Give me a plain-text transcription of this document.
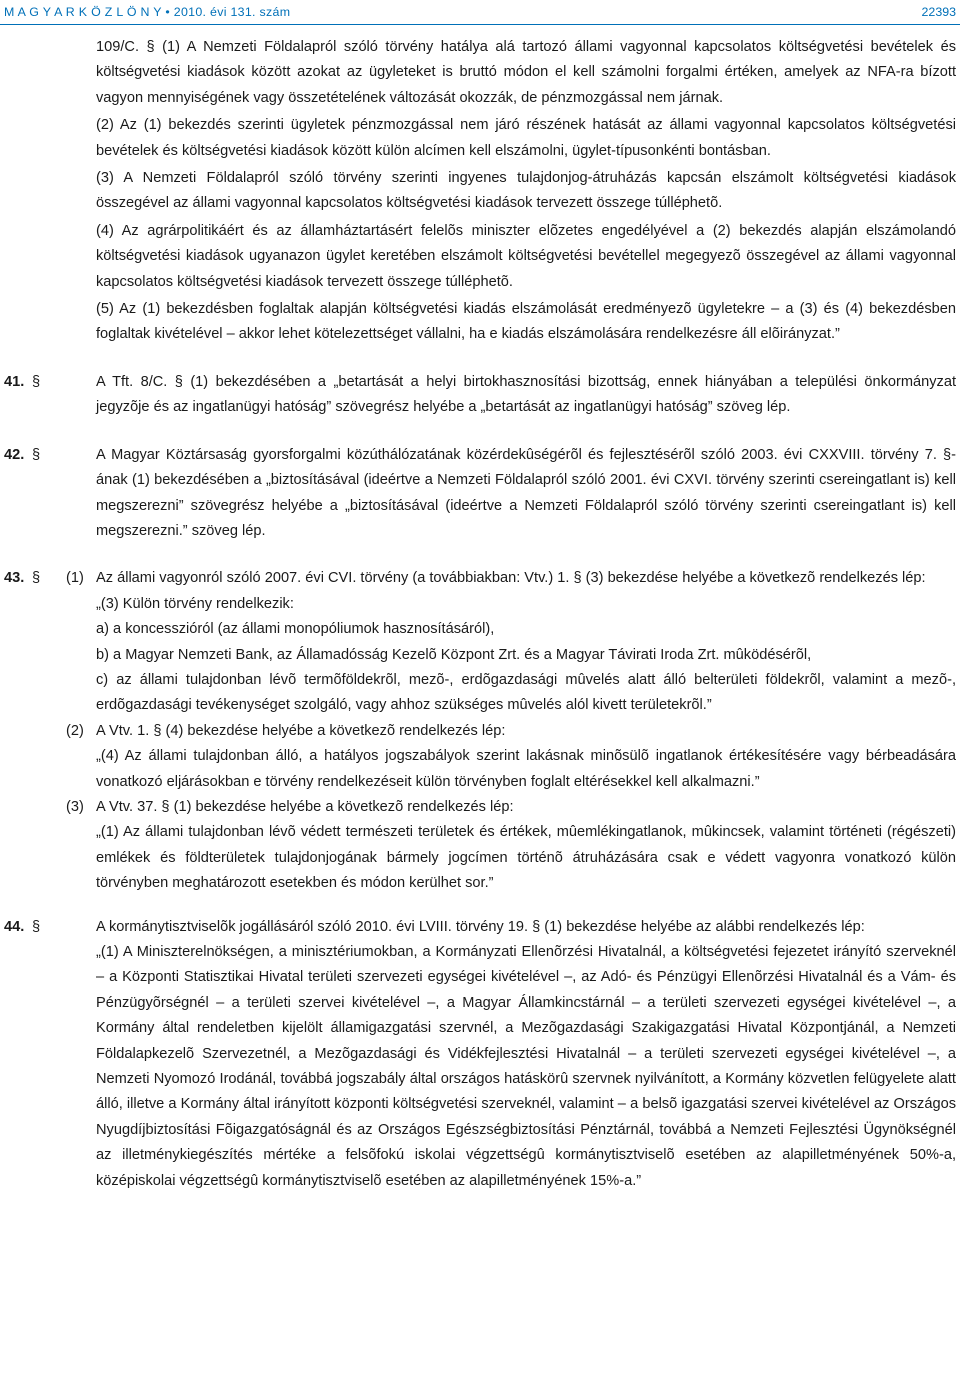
M A G Y A R K Ö Z L Ö N Y • 2010. évi 131. szám	22393

109/C. § (1) A Nemzeti Földalapról szóló törvény hatálya alá tartozó állami vagyonnal kapcsolatos költségvetési bevételek és költségvetési kiadások között azokat az ügyleteket is bruttó módon el kell számolni forgalmi értéken, amelyek az NFA-ra bízott vagyon mennyiségének vagy összetételének változását okozzák, de pénzmozgással nem járnak.

(2) Az (1) bekezdés szerinti ügyletek pénzmozgással nem járó részének hatását az állami vagyonnal kapcsolatos költségvetési bevételek és költségvetési kiadások között külön alcímen kell elszámolni, ügylet-típusonkénti bontásban.

(3) A Nemzeti Földalapról szóló törvény szerinti ingyenes tulajdonjog-átruházás kapcsán elszámolt költségvetési kiadások összegével az állami vagyonnal kapcsolatos költségvetési kiadások tervezett összege túlléphetõ.

(4) Az agrárpolitikáért és az államháztartásért felelõs miniszter elõzetes engedélyével a (2) bekezdés alapján elszámolandó költségvetési kiadások ugyanazon ügylet keretében elszámolt költségvetési bevétellel megegyezõ összegével az állami vagyonnal kapcsolatos költségvetési kiadások tervezett összege túlléphetõ.

(5) Az (1) bekezdésben foglaltak alapján költségvetési kiadás elszámolását eredményezõ ügyletekre – a (3) és (4) bekezdésben foglaltak kivételével – akkor lehet kötelezettséget vállalni, ha e kiadás elszámolására rendelkezésre áll elõirányzat.”

41. §	A Tft. 8/C. § (1) bekezdésében a „betartását a helyi birtokhasznosítási bizottság, ennek hiányában a települési önkormányzat jegyzõje és az ingatlanügyi hatóság” szövegrész helyébe a „betartását az ingatlanügyi hatóság” szöveg lép.
42. §	A Magyar Köztársaság gyorsforgalmi közúthálózatának közérdekûségérõl és fejlesztésérõl szóló 2003. évi CXXVIII. törvény 7. §-ának (1) bekezdésében a „biztosításával (ideértve a Nemzeti Földalapról szóló 2001. évi CXVI. törvény szerinti csereingatlant is) kell megszerezni” szövegrész helyébe a „biztosításával (ideértve a Nemzeti Földalapról szóló törvény szerinti csereingatlant is) kell megszerezni.” szöveg lép.
43. § (1) Az állami vagyonról szóló 2007. évi CVI. törvény (a továbbiakban: Vtv.) 1. § (3) bekezdése helyébe a következõ rendelkezés lép:
„(3) Külön törvény rendelkezik:
a) a koncesszióról (az állami monopóliumok hasznosításáról),
b) a Magyar Nemzeti Bank, az Államadósság Kezelõ Központ Zrt. és a Magyar Távirati Iroda Zrt. mûködésérõl,
c) az állami tulajdonban lévõ termõföldekrõl, mezõ-, erdõgazdasági mûvelés alatt álló belterületi földekrõl, valamint a mezõ-, erdõgazdasági tevékenységet szolgáló, vagy ahhoz szükséges mûvelés alól kivett területekrõl.”
(2) A Vtv. 1. § (4) bekezdése helyébe a következõ rendelkezés lép:
„(4) Az állami tulajdonban álló, a hatályos jogszabályok szerint lakásnak minõsülõ ingatlanok értékesítésére vagy bérbeadására vonatkozó eljárásokban e törvény rendelkezéseit külön törvényben foglalt eltérésekkel kell alkalmazni.”
(3) A Vtv. 37. § (1) bekezdése helyébe a következõ rendelkezés lép:
„(1) Az állami tulajdonban lévõ védett természeti területek és értékek, mûemlékingatlanok, mûkincsek, valamint történeti (régészeti) emlékek és földterületek tulajdonjogának bármely jogcímen történõ átruházására csak e védett vagyonra vonatkozó külön törvényben meghatározott esetekben és módon kerülhet sor.”
44. §	A kormánytisztviselõk jogállásáról szóló 2010. évi LVIII. törvény 19. § (1) bekezdése helyébe az alábbi rendelkezés lép:
„(1) A Miniszterelnökségen, a minisztériumokban, a Kormányzati Ellenõrzési Hivatalnál, a költségvetési fejezetet irányító szerveknél – a Központi Statisztikai Hivatal területi szervezeti egységei kivételével –, az Adó- és Pénzügyi Ellenõrzési Hivatalnál és a Vám- és Pénzügyõrségnél – a területi szervei kivételével –, a Magyar Államkincstárnál – a területi szervezeti egységei kivételével –, a Kormány által rendeletben kijelölt államigazgatási szervnél, a Mezõgazdasági Szakigazgatási Hivatal Központjánál, a Nemzeti Földalapkezelõ Szervezetnél, a Mezõgazdasági és Vidékfejlesztési Hivatalnál – a területi szervezeti egységei kivételével –, a Nemzeti Nyomozó Irodánál, továbbá jogszabály által országos hatáskörû szervnek nyilvánított, a Kormány közvetlen felügyelete alatt álló, illetve a Kormány által irányított központi költségvetési szerveknél, valamint – a belsõ igazgatási szervei kivételével az Országos Nyugdíjbiztosítási Fõigazgatóságnál és az Országos Egészségbiztosítási Pénztárnál, továbbá a Nemzeti Fejlesztési Ügynökségnél az illetménykiegészítés mértéke a felsõfokú iskolai végzettségû kormánytisztviselõ esetében az alapilletményének 50%-a, középiskolai végzettségû kormánytisztviselõ esetében az alapilletményének 15%-a.”
